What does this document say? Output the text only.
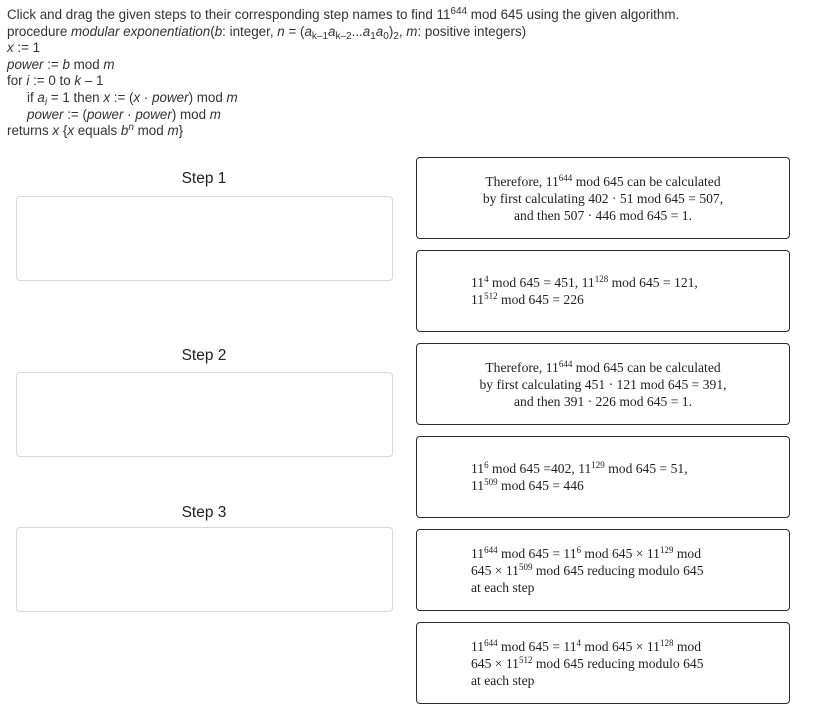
Click and drag the given steps to their corresponding step names to find $11^{644}$ mod 645 using the given algorithm.
procedure modular exponentiation(b: integer, $n = (a_{k-1}a_{k-2}...a_1a_0)_2$, m: positive integers)
x := 1
power := b mod m
for i := 0 to k – 1
if $a_i = 1$ then x := (x · power) mod m
power := (power · power) mod m
returns x {x equals $b^n$ mod m}
Step 1
Step 2
Step 3
Therefore, $11^{644}$ mod 645 can be calculated
by first calculating 402 · 51 mod 645 = 507,
and then 507 · 446 mod 645 = 1.
$11^4$ mod 645 = 451, $11^{128}$ mod 645 = 121,
$11^{512}$ mod 645 = 226
Therefore, $11^{644}$ mod 645 can be calculated
by first calculating 451 · 121 mod 645 = 391,
and then 391 · 226 mod 645 = 1.
$11^6$ mod 645 =402, $11^{129}$ mod 645 = 51,
$11^{509}$ mod 645 = 446
$11^{644}$ mod $645 = 11^6$ mod $645 \times 11^{129}$ mod
$645 \times 11^{509}$ mod 645 reducing modulo 645
at each step
$11^{644}$ mod $645 = 11^4$ mod $645 \times 11^{128}$ mod
$645 \times 11^{512}$ mod 645 reducing modulo 645
at each step
